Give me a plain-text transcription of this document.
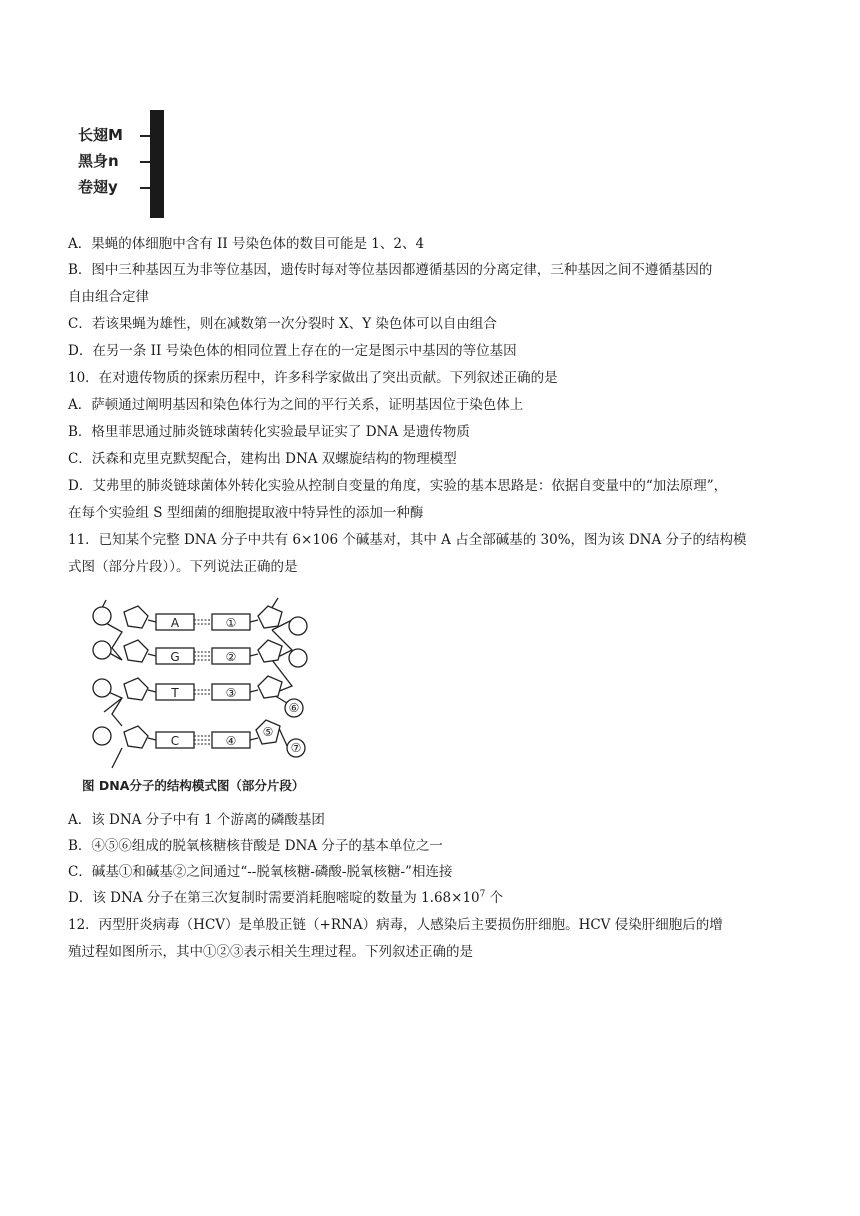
长翅M
黑身n
卷翅y
A．果蝇的体细胞中含有 II 号染色体的数目可能是 1、2、4
B．图中三种基因互为非等位基因，遗传时每对等位基因都遵循基因的分离定律，三种基因之间不遵循基因的
自由组合定律
C．若该果蝇为雄性，则在减数第一次分裂时 X、Y 染色体可以自由组合
D．在另一条 II 号染色体的相同位置上存在的一定是图示中基因的等位基因
10．在对遗传物质的探索历程中，许多科学家做出了突出贡献。下列叙述正确的是
A．萨顿通过阐明基因和染色体行为之间的平行关系，证明基因位于染色体上
B．格里菲思通过肺炎链球菌转化实验最早证实了 DNA 是遗传物质
C．沃森和克里克默契配合，建构出 DNA 双螺旋结构的物理模型
D．艾弗里的肺炎链球菌体外转化实验从控制自变量的角度，实验的基本思路是：依据自变量中的“加法原理”，
在每个实验组 S 型细菌的细胞提取液中特异性的添加一种酶
11．已知某个完整 DNA 分子中共有 6×106 个碱基对，其中 A 占全部碱基的 30%，图为该 DNA 分子的结构模
式图（部分片段））。下列说法正确的是
A
G
T
C
①
②
③
④
⑤
⑥
⑦
图 DNA分子的结构模式图（部分片段）
A．该 DNA 分子中有 1 个游离的磷酸基团
B．④⑤⑥组成的脱氧核糖核苷酸是 DNA 分子的基本单位之一
C．碱基①和碱基②之间通过“--脱氧核糖-磷酸-脱氧核糖-”相连接
D．该 DNA 分子在第三次复制时需要消耗胞嘧啶的数量为 $1.68\times 10^7$ 个
12．丙型肝炎病毒（HCV）是单股正链（+RNA）病毒，人感染后主要损伤肝细胞。HCV 侵染肝细胞后的增
殖过程如图所示，其中①②③表示相关生理过程。下列叙述正确的是
